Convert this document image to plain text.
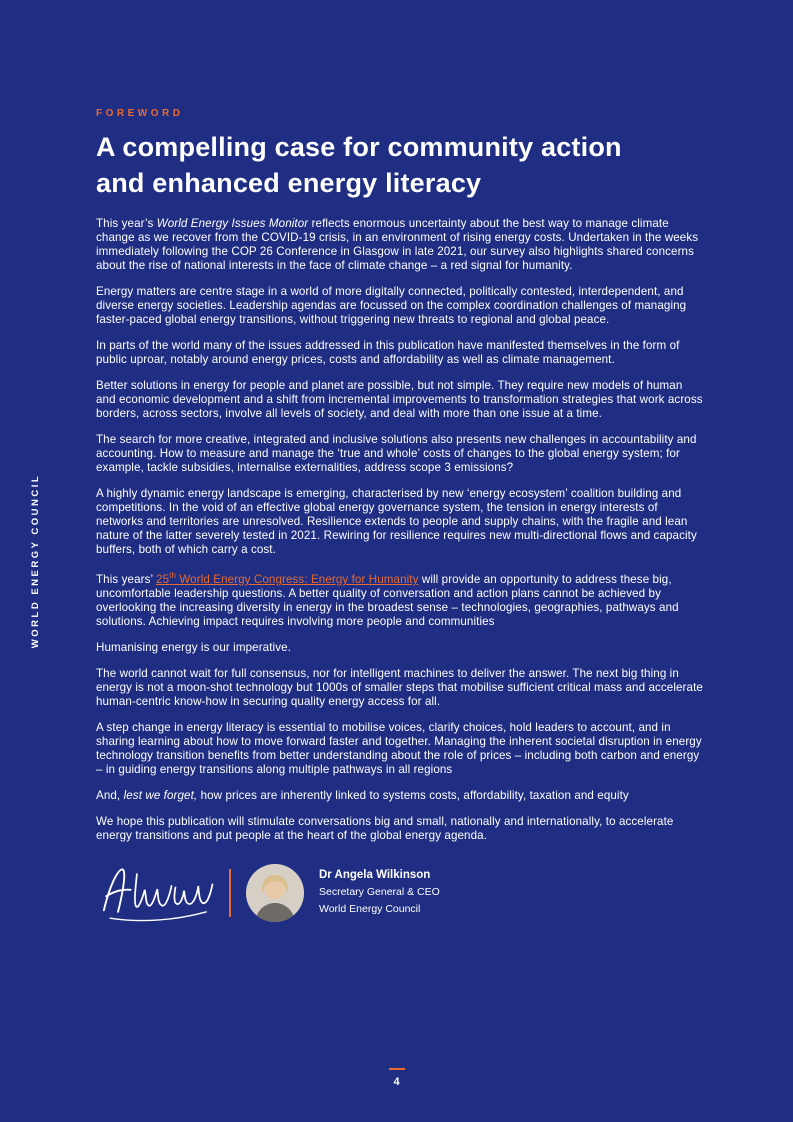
WORLD ENERGY COUNCIL
FOREWORD
A compelling case for community action
and enhanced energy literacy

This year’s World Energy Issues Monitor reflects enormous uncertainty about the best way to manage climate change as we recover from the COVID-19 crisis, in an environment of rising energy costs. Undertaken in the weeks immediately following the COP 26 Conference in Glasgow in late 2021, our survey also highlights shared concerns about the rise of national interests in the face of climate change – a red signal for humanity.

Energy matters are centre stage in a world of more digitally connected, politically contested, interdependent, and diverse energy societies. Leadership agendas are focussed on the complex coordination challenges of managing faster-paced global energy transitions, without triggering new threats to regional and global peace.

In parts of the world many of the issues addressed in this publication have manifested themselves in the form of public uproar, notably around energy prices, costs and affordability as well as climate management.

Better solutions in energy for people and planet are possible, but not simple. They require new models of human and economic development and a shift from incremental improvements to transformation strategies that work across borders, across sectors, involve all levels of society, and deal with more than one issue at a time.

The search for more creative, integrated and inclusive solutions also presents new challenges in accountability and accounting. How to measure and manage the ‘true and whole’ costs of changes to the global energy system; for example, tackle subsidies, internalise externalities, address scope 3 emissions?

A highly dynamic energy landscape is emerging, characterised by new ‘energy ecosystem’ coalition building and competitions. In the void of an effective global energy governance system, the tension in energy interests of networks and territories are unresolved. Resilience extends to people and supply chains, with the fragile and lean nature of the latter severely tested in 2021. Rewiring for resilience requires new multi-directional flows and capacity buffers, both of which carry a cost.

This years’ 25th World Energy Congress: Energy for Humanity will provide an opportunity to address these big, uncomfortable leadership questions. A better quality of conversation and action plans cannot be achieved by overlooking the increasing diversity in energy in the broadest sense – technologies, geographies, pathways and solutions. Achieving impact requires involving more people and communities

Humanising energy is our imperative.

The world cannot wait for full consensus, nor for intelligent machines to deliver the answer. The next big thing in energy is not a moon-shot technology but 1000s of smaller steps that mobilise sufficient critical mass and accelerate human-centric know-how in securing quality energy access for all.

A step change in energy literacy is essential to mobilise voices, clarify choices, hold leaders to account, and in sharing learning about how to move forward faster and together. Managing the inherent societal disruption in energy technology transition benefits from better understanding about the role of prices – including both carbon and energy – in guiding energy transitions along multiple pathways in all regions

And, lest we forget, how prices are inherently linked to systems costs, affordability, taxation and equity

We hope this publication will stimulate conversations big and small, nationally and internationally, to accelerate energy transitions and put people at the heart of the global energy agenda.

Dr Angela Wilkinson
Secretary General & CEO
World Energy Council
4
